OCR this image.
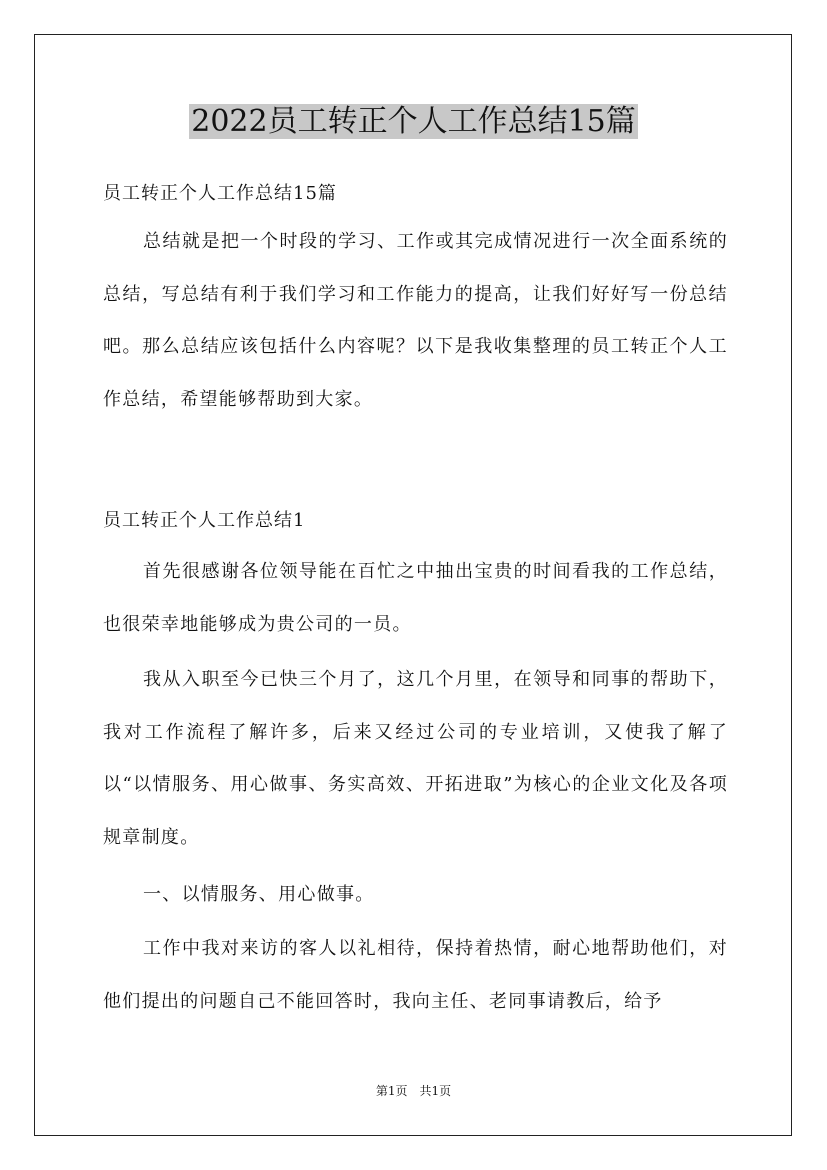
2022员工转正个人工作总结15篇
员工转正个人工作总结15篇

总结就是把一个时段的学习、工作或其完成情况进行一次全面系统的总结，写总结有利于我们学习和工作能力的提高，让我们好好写一份总结吧。那么总结应该包括什么内容呢？以下是我收集整理的员工转正个人工作总结，希望能够帮助到大家。

员工转正个人工作总结1

首先很感谢各位领导能在百忙之中抽出宝贵的时间看我的工作总结，也很荣幸地能够成为贵公司的一员。

我从入职至今已快三个月了，这几个月里，在领导和同事的帮助下，我对工作流程了解许多，后来又经过公司的专业培训，又使我了解了以“以情服务、用心做事、务实高效、开拓进取”为核心的企业文化及各项规章制度。

一、以情服务、用心做事。

工作中我对来访的客人以礼相待，保持着热情，耐心地帮助他们，对他们提出的问题自己不能回答时，我向主任、老同事请教后，给予

第1页　共1页
